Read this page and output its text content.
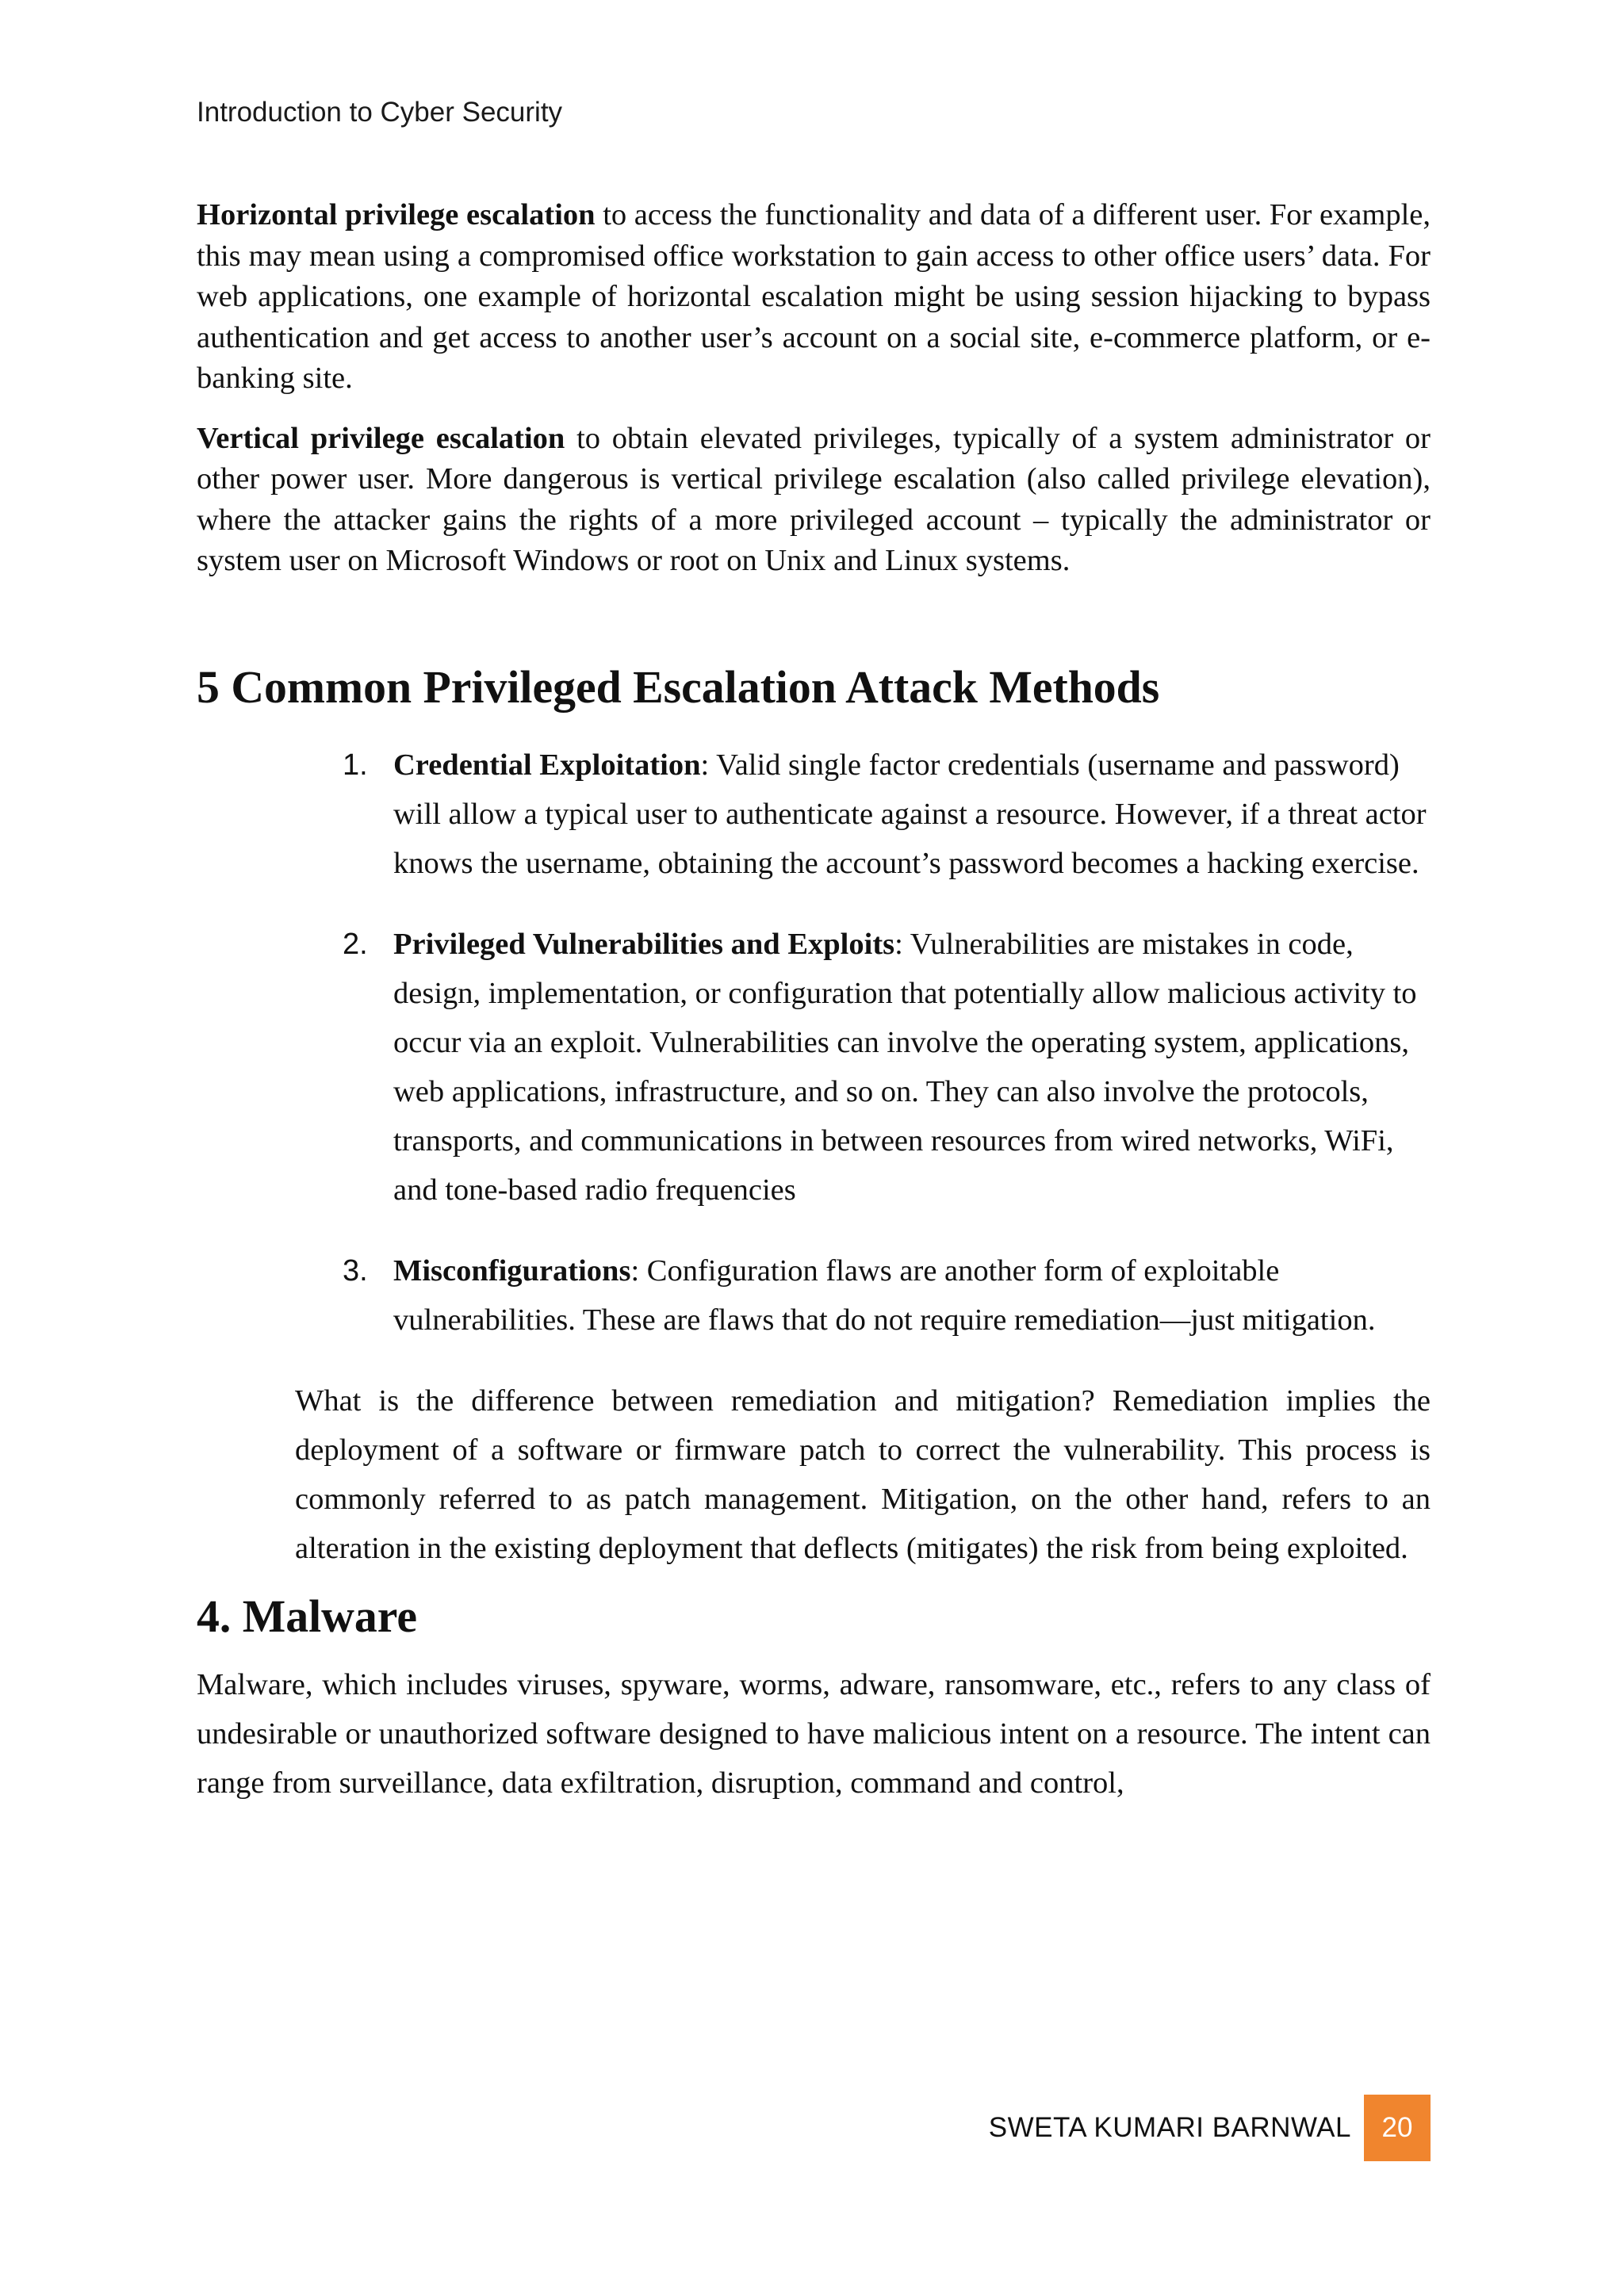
Introduction to Cyber Security

Horizontal privilege escalation to access the functionality and data of a different user. For example, this may mean using a compromised office workstation to gain access to other office users’ data. For web applications, one example of horizontal escalation might be using session hijacking to bypass authentication and get access to another user’s account on a social site, e-commerce platform, or e-banking site.

Vertical privilege escalation to obtain elevated privileges, typically of a system administrator or other power user. More dangerous is vertical privilege escalation (also called privilege elevation), where the attacker gains the rights of a more privileged account – typically the administrator or system user on Microsoft Windows or root on Unix and Linux systems.

5 Common Privileged Escalation Attack Methods
1. Credential Exploitation: Valid single factor credentials (username and password) will allow a typical user to authenticate against a resource. However, if a threat actor knows the username, obtaining the account’s password becomes a hacking exercise.
2. Privileged Vulnerabilities and Exploits: Vulnerabilities are mistakes in code, design, implementation, or configuration that potentially allow malicious activity to occur via an exploit. Vulnerabilities can involve the operating system, applications, web applications, infrastructure, and so on. They can also involve the protocols, transports, and communications in between resources from wired networks, WiFi, and tone-based radio frequencies
3. Misconfigurations: Configuration flaws are another form of exploitable vulnerabilities. These are flaws that do not require remediation—just mitigation.

What is the difference between remediation and mitigation? Remediation implies the deployment of a software or firmware patch to correct the vulnerability. This process is commonly referred to as patch management. Mitigation, on the other hand, refers to an alteration in the existing deployment that deflects (mitigates) the risk from being exploited.

4. Malware

Malware, which includes viruses, spyware, worms, adware, ransomware, etc., refers to any class of undesirable or unauthorized software designed to have malicious intent on a resource. The intent can range from surveillance, data exfiltration, disruption, command and control,

SWETA KUMARI BARNWAL	20
